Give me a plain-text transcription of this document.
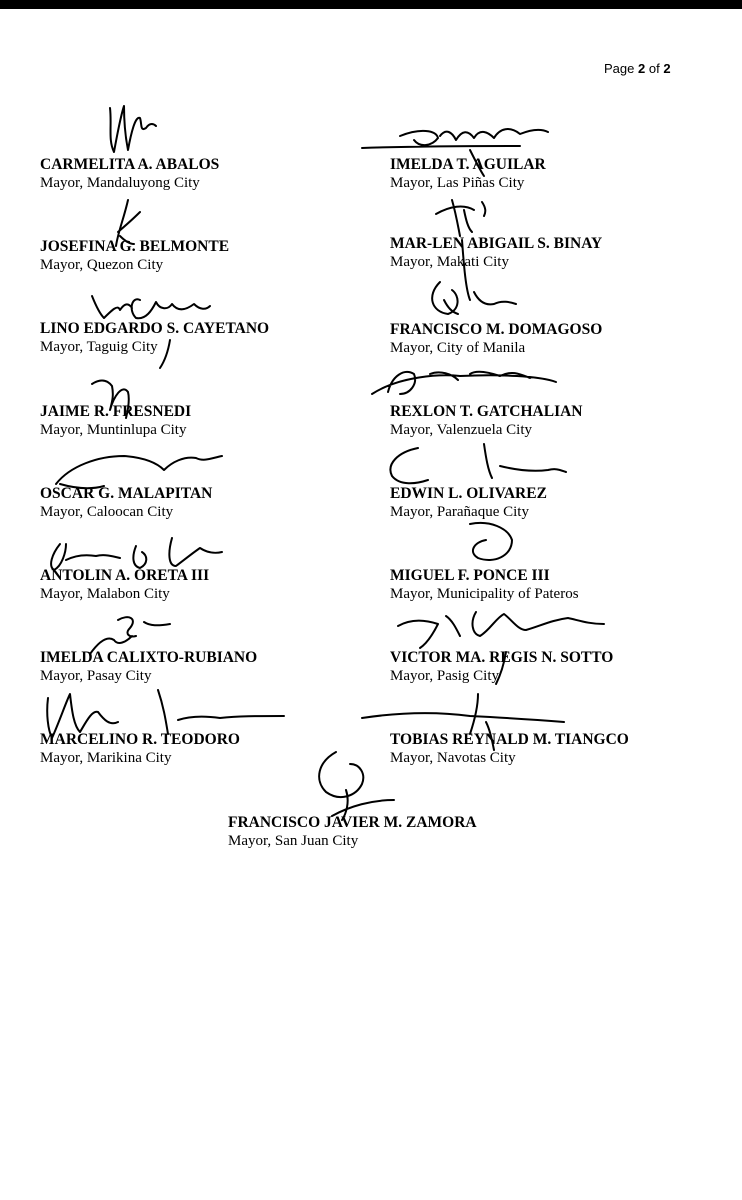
Page 2 of 2
CARMELITA A. ABALOS
Mayor, Mandaluyong City
IMELDA T. AGUILAR
Mayor, Las Piñas City
JOSEFINA G. BELMONTE
Mayor, Quezon City
MAR-LEN ABIGAIL S. BINAY
Mayor, Makati City
LINO EDGARDO S. CAYETANO
Mayor, Taguig City
FRANCISCO M. DOMAGOSO
Mayor, City of Manila
JAIME R. FRESNEDI
Mayor, Muntinlupa City
REXLON T. GATCHALIAN
Mayor, Valenzuela City
OSCAR G. MALAPITAN
Mayor, Caloocan City
EDWIN L. OLIVAREZ
Mayor, Parañaque City
ANTOLIN A. ORETA III
Mayor, Malabon City
MIGUEL F. PONCE III
Mayor, Municipality of Pateros
IMELDA CALIXTO-RUBIANO
Mayor, Pasay City
VICTOR MA. REGIS N. SOTTO
Mayor, Pasig City
MARCELINO R. TEODORO
Mayor, Marikina City
TOBIAS REYNALD M. TIANGCO
Mayor, Navotas City
FRANCISCO JAVIER M. ZAMORA
Mayor, San Juan City
